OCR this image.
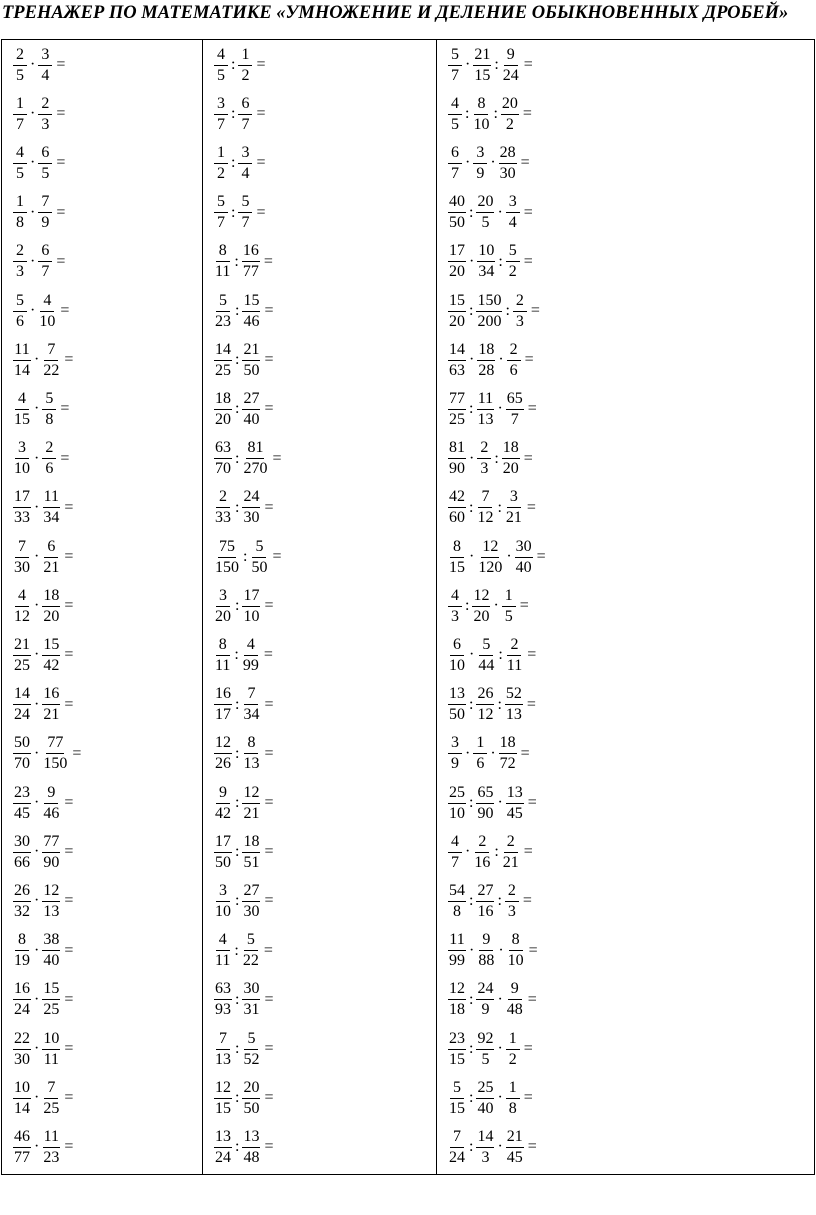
ТРЕНАЖЕР ПО МАТЕМАТИКЕ «УМНОЖЕНИЕ И ДЕЛЕНИЕ ОБЫКНОВЕННЫХ ДРОБЕЙ»
$\frac{2}{5} \cdot \frac{3}{4}$ =
$\frac{1}{7} \cdot \frac{2}{3}$ =
$\frac{4}{5} \cdot \frac{6}{5}$ =
$\frac{1}{8} \cdot \frac{7}{9}$ =
$\frac{2}{3} \cdot \frac{6}{7}$ =
$\frac{5}{6} \cdot \frac{4}{10}$ =
$\frac{11}{14} \cdot \frac{7}{22}$ =
$\frac{4}{15} \cdot \frac{5}{8}$ =
$\frac{3}{10} \cdot \frac{2}{6}$ =
$\frac{17}{33} \cdot \frac{11}{34}$ =
$\frac{7}{30} \cdot \frac{6}{21}$ =
$\frac{4}{12} \cdot \frac{18}{20}$ =
$\frac{21}{25} \cdot \frac{15}{42}$ =
$\frac{14}{24} \cdot \frac{16}{21}$ =
$\frac{50}{70} \cdot \frac{77}{150}$ =
$\frac{23}{45} \cdot \frac{9}{46}$ =
$\frac{30}{66} \cdot \frac{77}{90}$ =
$\frac{26}{32} \cdot \frac{12}{13}$ =
$\frac{8}{19} \cdot \frac{38}{40}$ =
$\frac{16}{24} \cdot \frac{15}{25}$ =
$\frac{22}{30} \cdot \frac{10}{11}$ =
$\frac{10}{14} \cdot \frac{7}{25}$ =
$\frac{46}{77} \cdot \frac{11}{23}$ =
$\frac{4}{5}$ : $\frac{1}{2}$ =
$\frac{3}{7}$ : $\frac{6}{7}$ =
$\frac{1}{2}$ : $\frac{3}{4}$ =
$\frac{5}{7}$ : $\frac{5}{7}$ =
$\frac{8}{11}$ : $\frac{16}{77}$ =
$\frac{5}{23}$ : $\frac{15}{46}$ =
$\frac{14}{25}$ : $\frac{21}{50}$ =
$\frac{18}{20}$ : $\frac{27}{40}$ =
$\frac{63}{70}$ : $\frac{81}{270}$ =
$\frac{2}{33}$ : $\frac{24}{30}$ =
$\frac{75}{150}$ : $\frac{5}{50}$ =
$\frac{3}{20}$ : $\frac{17}{10}$ =
$\frac{8}{11}$ : $\frac{4}{99}$ =
$\frac{16}{17}$ : $\frac{7}{34}$ =
$\frac{12}{26}$ : $\frac{8}{13}$ =
$\frac{9}{42}$ : $\frac{12}{21}$ =
$\frac{17}{50}$ : $\frac{18}{51}$ =
$\frac{3}{10}$ : $\frac{27}{30}$ =
$\frac{4}{11}$ : $\frac{5}{22}$ =
$\frac{63}{93}$ : $\frac{30}{31}$ =
$\frac{7}{13}$ : $\frac{5}{52}$ =
$\frac{12}{15}$ : $\frac{20}{50}$ =
$\frac{13}{24}$ : $\frac{13}{48}$ =
$\frac{5}{7} \cdot \frac{21}{15}$ : $\frac{9}{24}$ =
$\frac{4}{5}$ : $\frac{8}{10}$ : $\frac{20}{2}$ =
$\frac{6}{7} \cdot \frac{3}{9} \cdot \frac{28}{30}$ =
$\frac{40}{50}$ : $\frac{20}{5} \cdot \frac{3}{4}$ =
$\frac{17}{20} \cdot \frac{10}{34}$ : $\frac{5}{2}$ =
$\frac{15}{20}$ : $\frac{150}{200}$ : $\frac{2}{3}$ =
$\frac{14}{63} \cdot \frac{18}{28} \cdot \frac{2}{6}$ =
$\frac{77}{25}$ : $\frac{11}{13} \cdot \frac{65}{7}$ =
$\frac{81}{90} \cdot \frac{2}{3}$ : $\frac{18}{20}$ =
$\frac{42}{60}$ : $\frac{7}{12}$ : $\frac{3}{21}$ =
$\frac{8}{15} \cdot \frac{12}{120} \cdot \frac{30}{40}$ =
$\frac{4}{3}$ : $\frac{12}{20} \cdot \frac{1}{5}$ =
$\frac{6}{10} \cdot \frac{5}{44}$ : $\frac{2}{11}$ =
$\frac{13}{50}$ : $\frac{26}{12}$ : $\frac{52}{13}$ =
$\frac{3}{9} \cdot \frac{1}{6} \cdot \frac{18}{72}$ =
$\frac{25}{10}$ : $\frac{65}{90} \cdot \frac{13}{45}$ =
$\frac{4}{7} \cdot \frac{2}{16}$ : $\frac{2}{21}$ =
$\frac{54}{8}$ : $\frac{27}{16}$ : $\frac{2}{3}$ =
$\frac{11}{99} \cdot \frac{9}{88} \cdot \frac{8}{10}$ =
$\frac{12}{18}$ : $\frac{24}{9} \cdot \frac{9}{48}$ =
$\frac{23}{15}$ : $\frac{92}{5} \cdot \frac{1}{2}$ =
$\frac{5}{15}$ : $\frac{25}{40} \cdot \frac{1}{8}$ =
$\frac{7}{24}$ : $\frac{14}{3} \cdot \frac{21}{45}$ =
